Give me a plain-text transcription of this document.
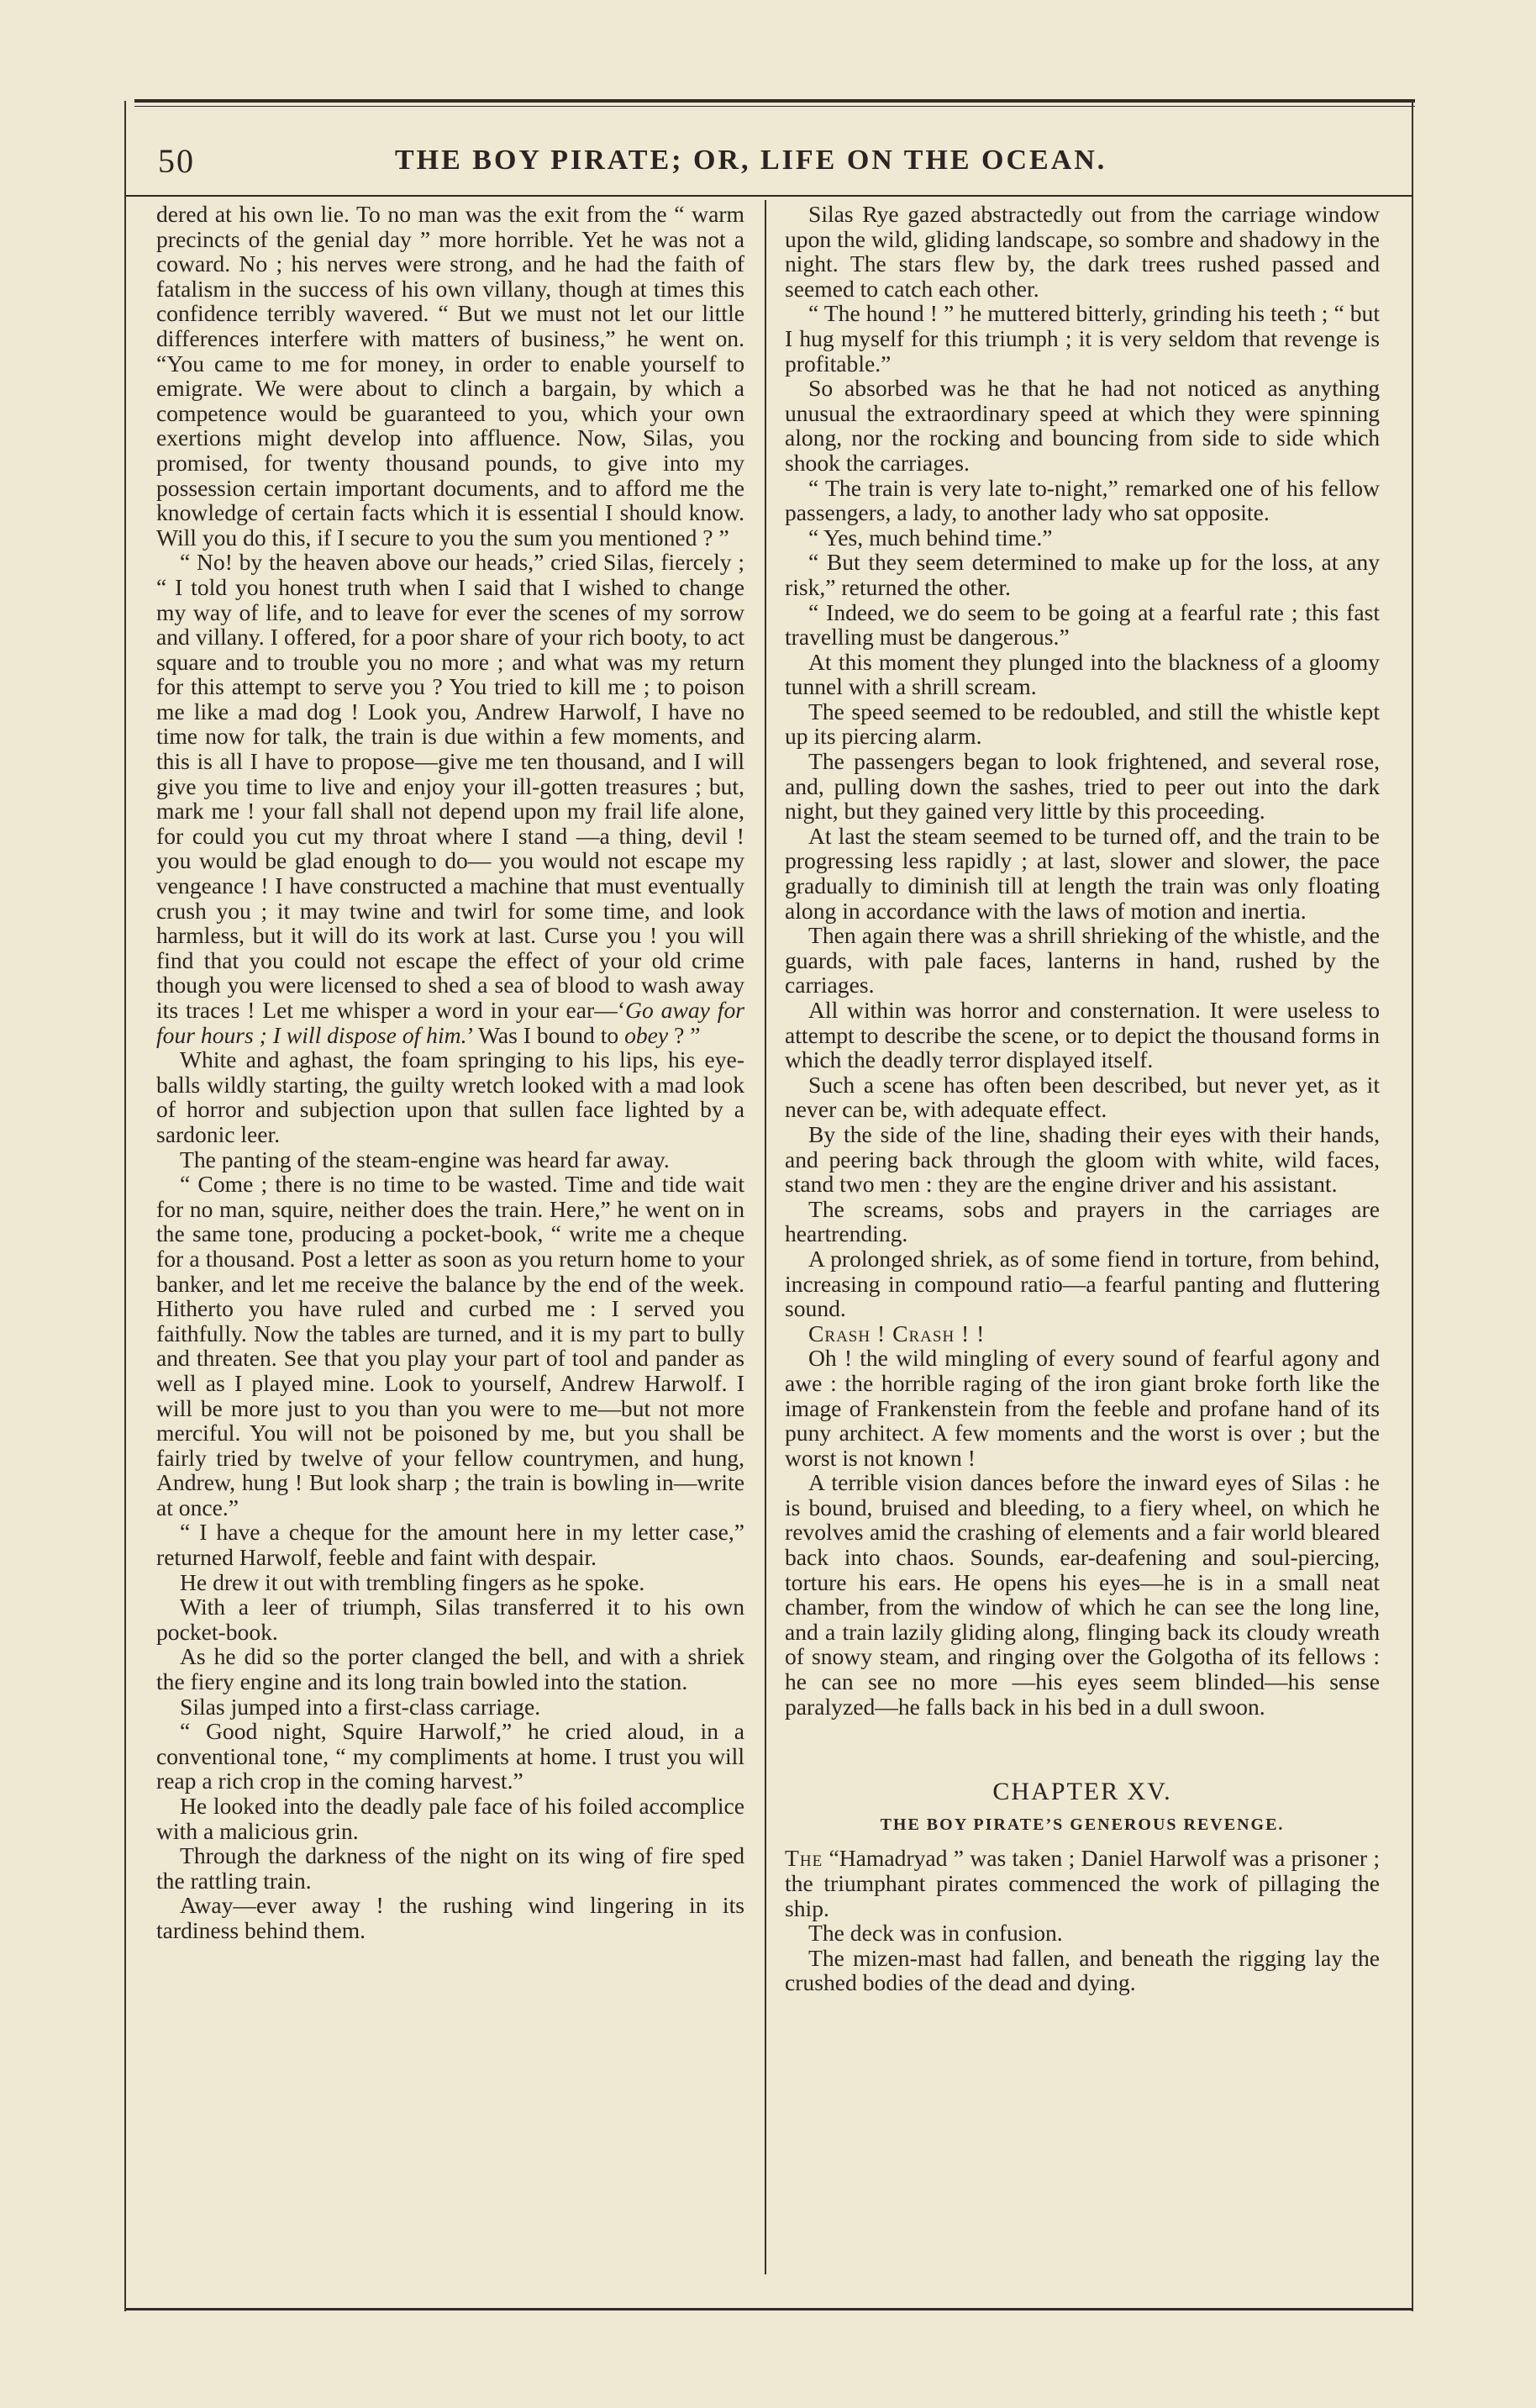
50	THE BOY PIRATE; OR, LIFE ON THE OCEAN.

dered at his own lie. To no man was the exit from the “ warm precincts of the genial day ” more horrible. Yet he was not a coward. No ; his nerves were strong, and he had the faith of fatalism in the success of his own villany, though at times this confidence terribly wavered. “ But we must not let our little differences interfere with matters of business,” he went on. “You came to me for money, in order to enable yourself to emigrate. We were about to clinch a bargain, by which a competence would be guaranteed to you, which your own exertions might develop into affluence. Now, Silas, you promised, for twenty thousand pounds, to give into my possession certain important documents, and to afford me the knowledge of certain facts which it is essential I should know. Will you do this, if I secure to you the sum you mentioned ? ”

“ No! by the heaven above our heads,” cried Silas, fiercely ; “ I told you honest truth when I said that I wished to change my way of life, and to leave for ever the scenes of my sorrow and villany. I offered, for a poor share of your rich booty, to act square and to trouble you no more ; and what was my return for this attempt to serve you ? You tried to kill me ; to poison me like a mad dog ! Look you, Andrew Harwolf, I have no time now for talk, the train is due within a few moments, and this is all I have to propose—give me ten thousand, and I will give you time to live and enjoy your ill-gotten treasures ; but, mark me ! your fall shall not depend upon my frail life alone, for could you cut my throat where I stand —a thing, devil ! you would be glad enough to do— you would not escape my vengeance ! I have constructed a machine that must eventually crush you ; it may twine and twirl for some time, and look harmless, but it will do its work at last. Curse you ! you will find that you could not escape the effect of your old crime though you were licensed to shed a sea of blood to wash away its traces ! Let me whisper a word in your ear—‘Go away for four hours ; I will dispose of him.’ Was I bound to obey ? ”

White and aghast, the foam springing to his lips, his eye-balls wildly starting, the guilty wretch looked with a mad look of horror and subjection upon that sullen face lighted by a sardonic leer.

The panting of the steam-engine was heard far away.

“ Come ; there is no time to be wasted. Time and tide wait for no man, squire, neither does the train. Here,” he went on in the same tone, producing a pocket-book, “ write me a cheque for a thousand. Post a letter as soon as you return home to your banker, and let me receive the balance by the end of the week. Hitherto you have ruled and curbed me : I served you faithfully. Now the tables are turned, and it is my part to bully and threaten. See that you play your part of tool and pander as well as I played mine. Look to yourself, Andrew Harwolf. I will be more just to you than you were to me—but not more merciful. You will not be poisoned by me, but you shall be fairly tried by twelve of your fellow countrymen, and hung, Andrew, hung ! But look sharp ; the train is bowling in—write at once.”

“ I have a cheque for the amount here in my letter case,” returned Harwolf, feeble and faint with despair.

He drew it out with trembling fingers as he spoke.

With a leer of triumph, Silas transferred it to his own pocket-book.

As he did so the porter clanged the bell, and with a shriek the fiery engine and its long train bowled into the station.

Silas jumped into a first-class carriage.

“ Good night, Squire Harwolf,” he cried aloud, in a conventional tone, “ my compliments at home. I trust you will reap a rich crop in the coming harvest.”

He looked into the deadly pale face of his foiled accomplice with a malicious grin.

Through the darkness of the night on its wing of fire sped the rattling train.

Away—ever away ! the rushing wind lingering in its tardiness behind them.

Silas Rye gazed abstractedly out from the carriage window upon the wild, gliding landscape, so sombre and shadowy in the night. The stars flew by, the dark trees rushed passed and seemed to catch each other.

“ The hound ! ” he muttered bitterly, grinding his teeth ; “ but I hug myself for this triumph ; it is very seldom that revenge is profitable.”

So absorbed was he that he had not noticed as anything unusual the extraordinary speed at which they were spinning along, nor the rocking and bouncing from side to side which shook the carriages.

“ The train is very late to-night,” remarked one of his fellow passengers, a lady, to another lady who sat opposite.

“ Yes, much behind time.”

“ But they seem determined to make up for the loss, at any risk,” returned the other.

“ Indeed, we do seem to be going at a fearful rate ; this fast travelling must be dangerous.”

At this moment they plunged into the blackness of a gloomy tunnel with a shrill scream.

The speed seemed to be redoubled, and still the whistle kept up its piercing alarm.

The passengers began to look frightened, and several rose, and, pulling down the sashes, tried to peer out into the dark night, but they gained very little by this proceeding.

At last the steam seemed to be turned off, and the train to be progressing less rapidly ; at last, slower and slower, the pace gradually to diminish till at length the train was only floating along in accordance with the laws of motion and inertia.

Then again there was a shrill shrieking of the whistle, and the guards, with pale faces, lanterns in hand, rushed by the carriages.

All within was horror and consternation. It were useless to attempt to describe the scene, or to depict the thousand forms in which the deadly terror displayed itself.

Such a scene has often been described, but never yet, as it never can be, with adequate effect.

By the side of the line, shading their eyes with their hands, and peering back through the gloom with white, wild faces, stand two men : they are the engine driver and his assistant.

The screams, sobs and prayers in the carriages are heartrending.

A prolonged shriek, as of some fiend in torture, from behind, increasing in compound ratio—a fearful panting and fluttering sound.

Crash ! Crash ! !

Oh ! the wild mingling of every sound of fearful agony and awe : the horrible raging of the iron giant broke forth like the image of Frankenstein from the feeble and profane hand of its puny architect. A few moments and the worst is over ; but the worst is not known !

A terrible vision dances before the inward eyes of Silas : he is bound, bruised and bleeding, to a fiery wheel, on which he revolves amid the crashing of elements and a fair world bleared back into chaos. Sounds, ear-deafening and soul-piercing, torture his ears. He opens his eyes—he is in a small neat chamber, from the window of which he can see the long line, and a train lazily gliding along, flinging back its cloudy wreath of snowy steam, and ringing over the Golgotha of its fellows : he can see no more —his eyes seem blinded—his sense paralyzed—he falls back in his bed in a dull swoon.

CHAPTER XV.
THE BOY PIRATE’S GENEROUS REVENGE.

The “Hamadryad ” was taken ; Daniel Harwolf was a prisoner ; the triumphant pirates commenced the work of pillaging the ship.

The deck was in confusion.

The mizen-mast had fallen, and beneath the rigging lay the crushed bodies of the dead and dying.
